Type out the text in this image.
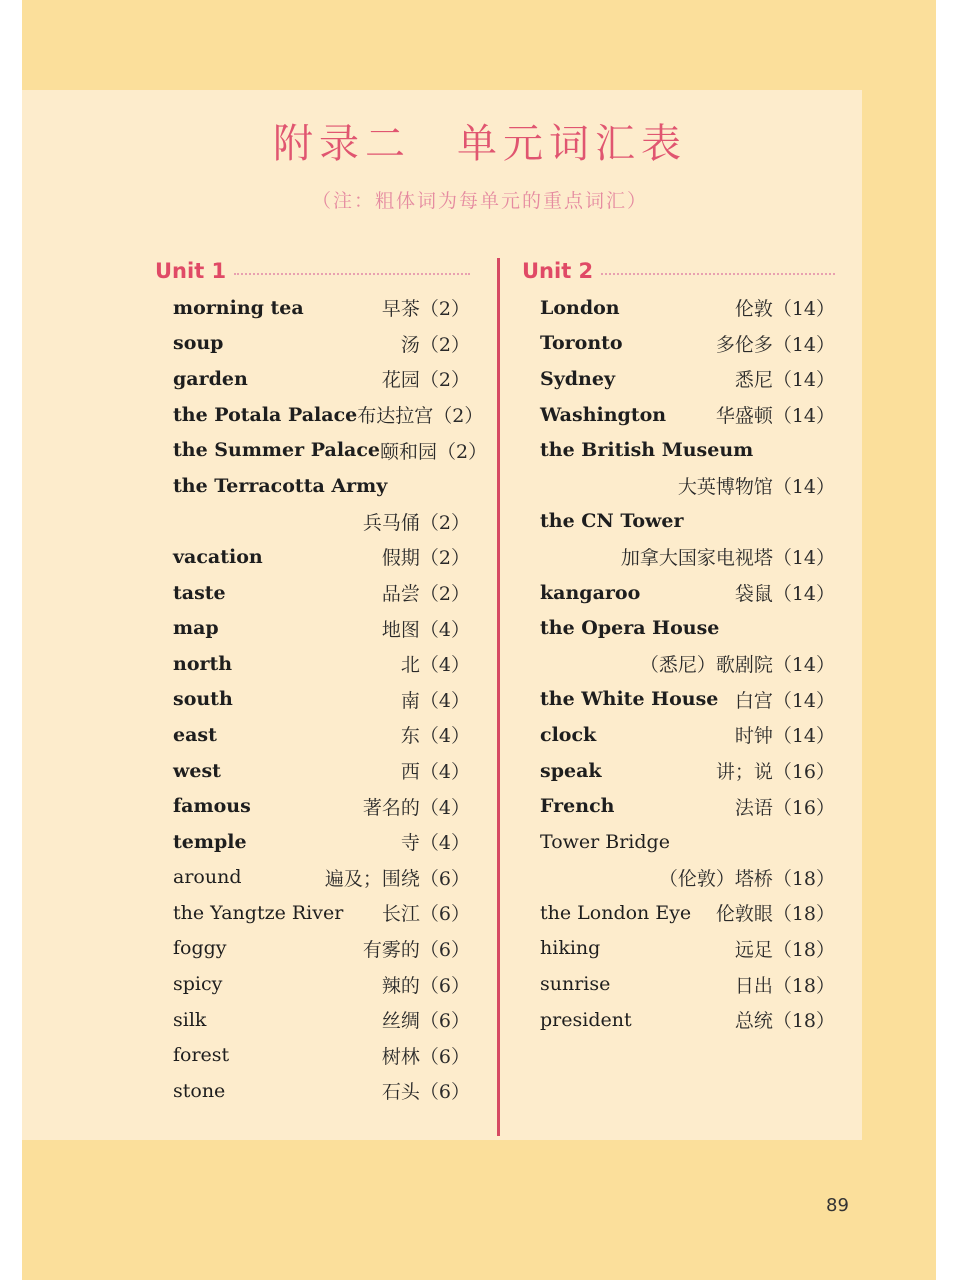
附录二　单元词汇表
（注：粗体词为每单元的重点词汇）
Unit 1
morning tea	早茶（2）
soup	汤（2）
garden	花园（2）
the Potala Palace 布达拉宫（2）
the Summer Palace 颐和园（2）
the Terracotta Army
兵马俑（2）
vacation	假期（2）
taste	品尝（2）
map	地图（4）
north	北（4）
south	南（4）
east	东（4）
west	西（4）
famous	著名的（4）
temple	寺（4）
around	遍及；围绕（6）
the Yangtze River 长江（6）
foggy	有雾的（6）
spicy	辣的（6）
silk	丝绸（6）
forest	树林（6）
stone	石头（6）
Unit 2
London	伦敦（14）
Toronto	多伦多（14）
Sydney	悉尼（14）
Washington	华盛顿（14）
the British Museum
大英博物馆（14）
the CN Tower
加拿大国家电视塔（14）
kangaroo	袋鼠（14）
the Opera House
（悉尼）歌剧院（14）
the White House 白宫（14）
clock	时钟（14）
speak	讲；说（16）
French	法语（16）
Tower Bridge
（伦敦）塔桥（18）
the London Eye 伦敦眼（18）
hiking	远足（18）
sunrise	日出（18）
president	总统（18）
89
